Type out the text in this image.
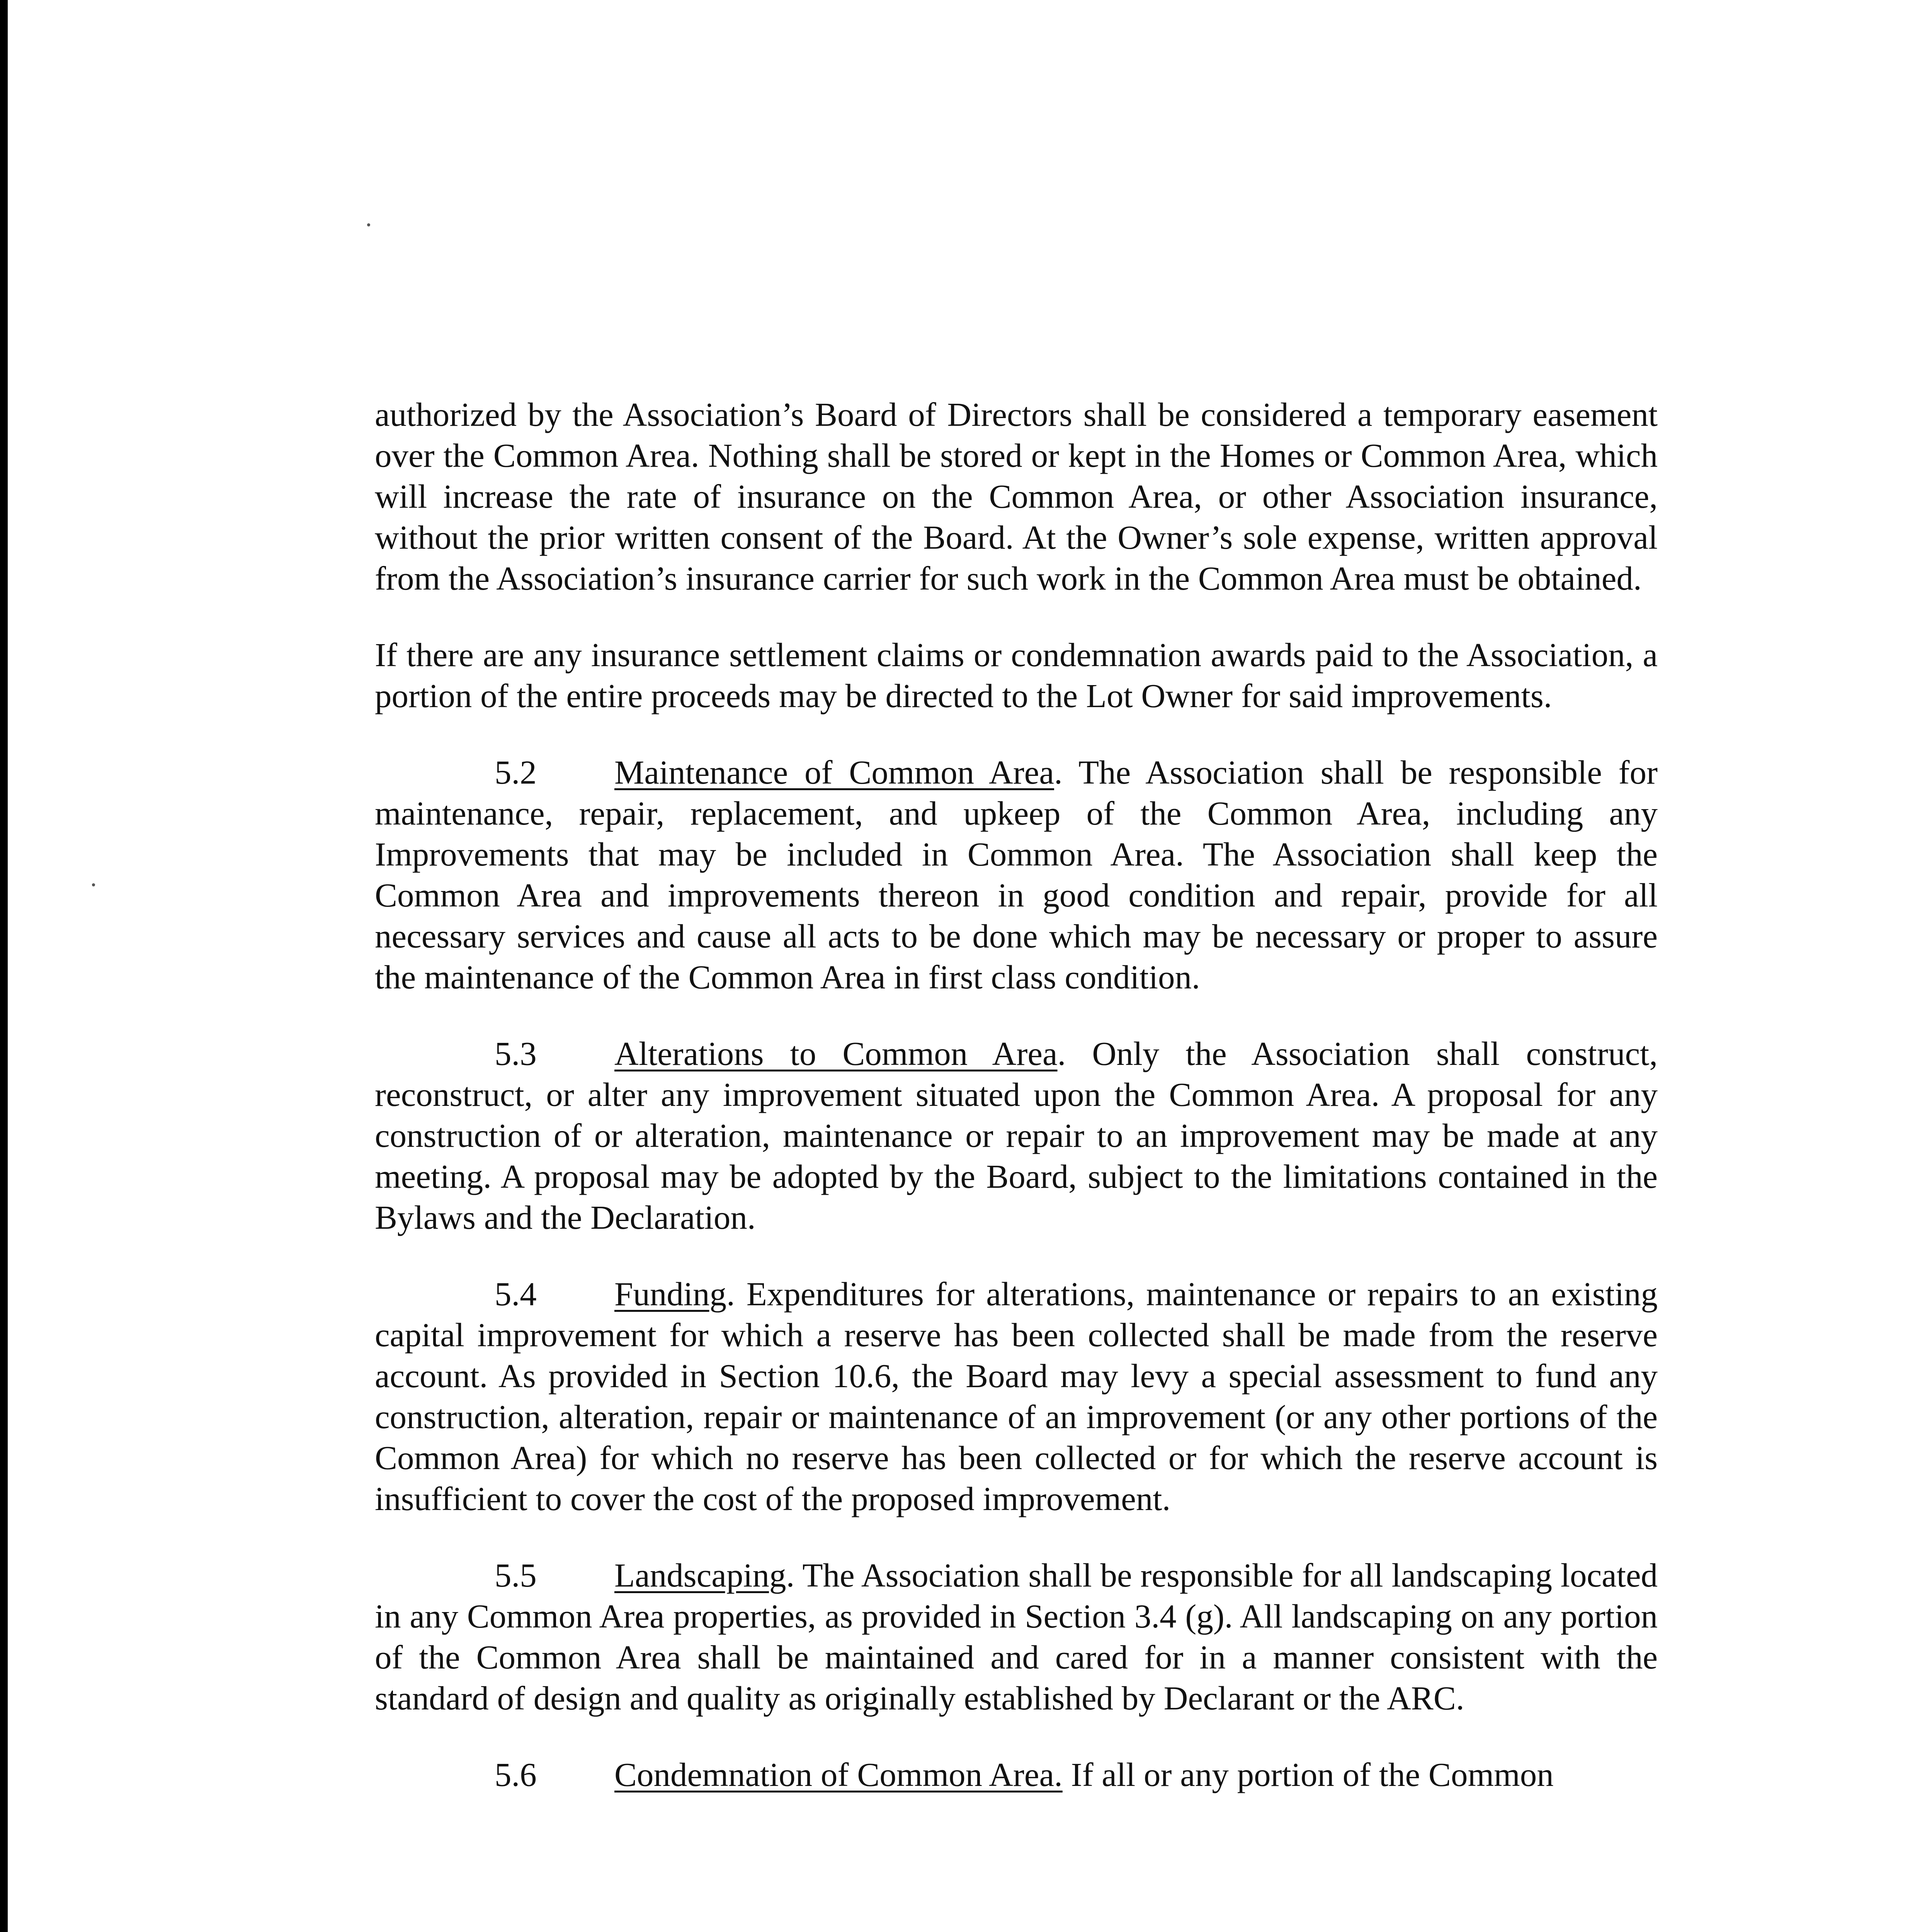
authorized by the Association’s Board of Directors shall be considered a temporary easement over the Common Area. Nothing shall be stored or kept in the Homes or Common Area, which will increase the rate of insurance on the Common Area, or other Association insurance, without the prior written consent of the Board. At the Owner’s sole expense, written approval from the Association’s insurance carrier for such work in the Common Area must be obtained.

If there are any insurance settlement claims or condemnation awards paid to the Association, a portion of the entire proceeds may be directed to the Lot Owner for said improvements.

5.2 Maintenance of Common Area. The Association shall be responsible for maintenance, repair, replacement, and upkeep of the Common Area, including any Improvements that may be included in Common Area. The Association shall keep the Common Area and improvements thereon in good condition and repair, provide for all necessary services and cause all acts to be done which may be necessary or proper to assure the maintenance of the Common Area in first class condition.

5.3 Alterations to Common Area. Only the Association shall construct, reconstruct, or alter any improvement situated upon the Common Area. A proposal for any construction of or alteration, maintenance or repair to an improvement may be made at any meeting. A proposal may be adopted by the Board, subject to the limitations contained in the Bylaws and the Declaration.

5.4 Funding. Expenditures for alterations, maintenance or repairs to an existing capital improvement for which a reserve has been collected shall be made from the reserve account. As provided in Section 10.6, the Board may levy a special assessment to fund any construction, alteration, repair or maintenance of an improvement (or any other portions of the Common Area) for which no reserve has been collected or for which the reserve account is insufficient to cover the cost of the proposed improvement.

5.5 Landscaping. The Association shall be responsible for all landscaping located in any Common Area properties, as provided in Section 3.4 (g). All landscaping on any portion of the Common Area shall be maintained and cared for in a manner consistent with the standard of design and quality as originally established by Declarant or the ARC.

5.6 Condemnation of Common Area. If all or any portion of the Common
